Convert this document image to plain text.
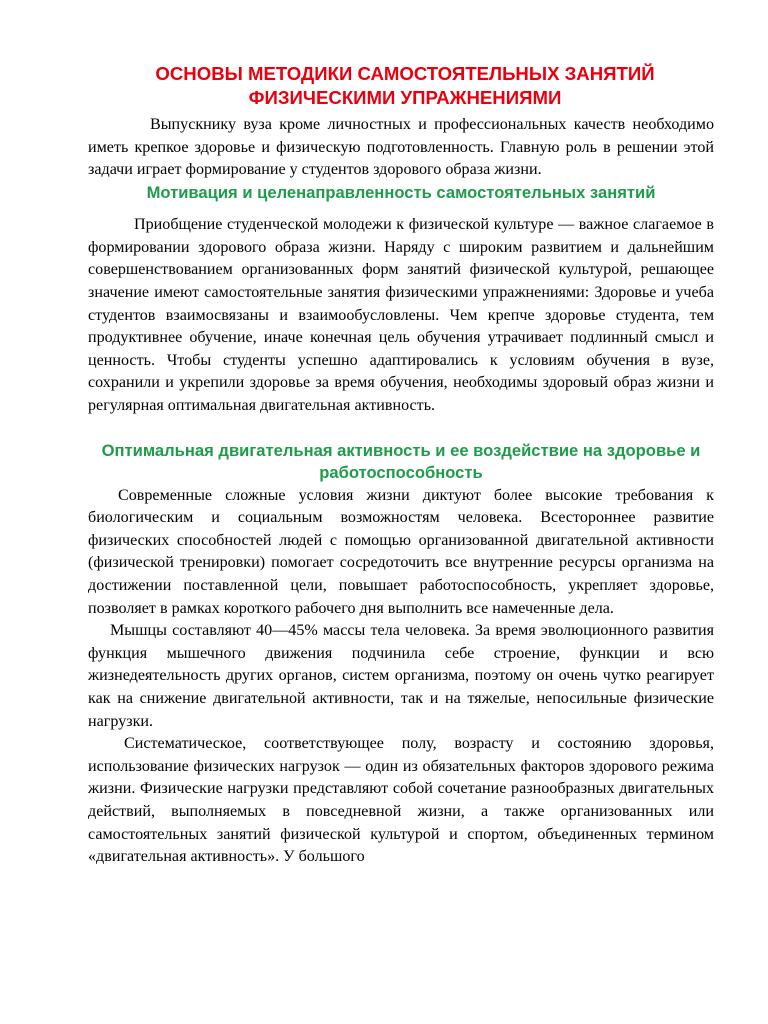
ОСНОВЫ МЕТОДИКИ САМОСТОЯТЕЛЬНЫХ ЗАНЯТИЙ ФИЗИЧЕСКИМИ УПРАЖНЕНИЯМИ

Выпускнику вуза кроме личностных и профессиональных качеств необходимо иметь крепкое здоровье и физическую подготовленность. Главную роль в решении этой задачи играет формирование у студентов здорового образа жизни.

Мотивация и целенаправленность самостоятельных занятий

Приобщение студенческой молодежи к физической культуре — важное слагаемое в формировании здорового образа жизни. Наряду с широким развитием и дальнейшим совершенствованием организованных форм занятий физической культурой, решающее значение имеют самостоятельные занятия физическими упражнениями: Здоровье и учеба студентов взаимосвязаны и взаимообусловлены. Чем крепче здоровье студента, тем продуктивнее обучение, иначе конечная цель обучения утрачивает подлинный смысл и ценность. Чтобы студенты успешно адаптировались к условиям обучения в вузе, сохранили и укрепили здоровье за время обучения, необходимы здоровый образ жизни и регулярная оптимальная двигательная активность.

Оптимальная двигательная активность и ее воздействие на здоровье и работоспособность

Современные сложные условия жизни диктуют более высокие требования к биологическим и социальным возможностям человека. Всестороннее развитие физических способностей людей с помощью организованной двигательной активности (физической тренировки) помогает сосредоточить все внутренние ресурсы организма на достижении поставленной цели, повышает работоспособность, укрепляет здоровье, позволяет в рамках короткого рабочего дня выполнить все намеченные дела.

Мышцы составляют 40—45% массы тела человека. За время эволюционного развития функция мышечного движения подчинила себе строение, функции и всю жизнедеятельность других органов, систем организма, поэтому он очень чутко реагирует как на снижение двигательной активности, так и на тяжелые, непосильные физические нагрузки.

Систематическое, соответствующее полу, возрасту и состоянию здоровья, использование физических нагрузок — один из обязательных факторов здорового режима жизни. Физические нагрузки представляют собой сочетание разнообразных двигательных действий, выполняемых в повседневной жизни, а также организованных или самостоятельных занятий физической культурой и спортом, объединенных термином «двигательная активность». У большого
